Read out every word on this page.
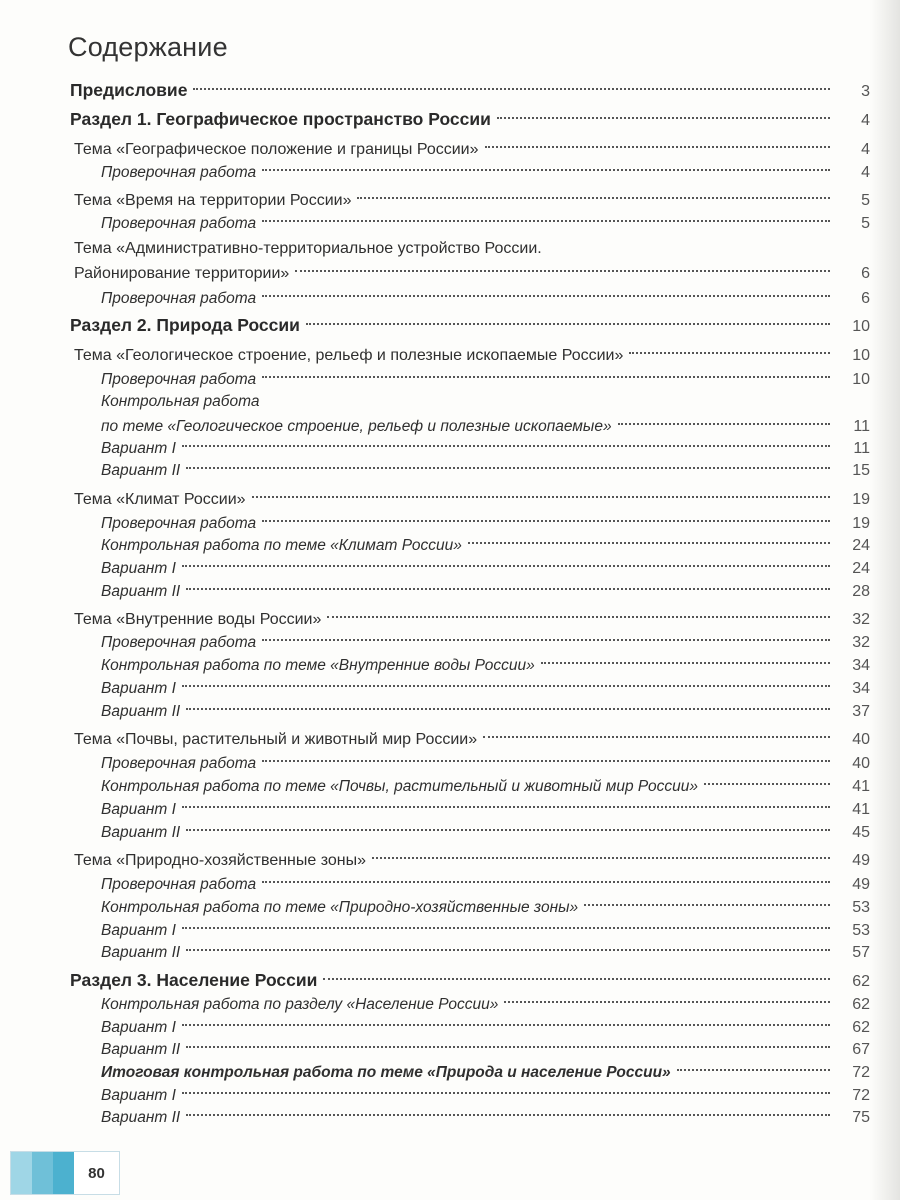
Содержание
Предисловие	3
Раздел 1. Географическое пространство России	4
Тема «Географическое положение и границы России»	4
Проверочная работа	4
Тема «Время на территории России»	5
Проверочная работа	5
Тема «Административно-территориальное устройство России.
Районирование территории»	6
Проверочная работа	6
Раздел 2. Природа России	10
Тема «Геологическое строение, рельеф и полезные ископаемые России»	10
Проверочная работа	10
Контрольная работа
по теме «Геологическое строение, рельеф и полезные ископаемые»	11
Вариант I	11
Вариант II	15
Тема «Климат России»	19
Проверочная работа	19
Контрольная работа по теме «Климат России»	24
Вариант I	24
Вариант II	28
Тема «Внутренние воды России»	32
Проверочная работа	32
Контрольная работа по теме «Внутренние воды России»	34
Вариант I	34
Вариант II	37
Тема «Почвы, растительный и животный мир России»	40
Проверочная работа	40
Контрольная работа по теме «Почвы, растительный и животный мир России»	41
Вариант I	41
Вариант II	45
Тема «Природно-хозяйственные зоны»	49
Проверочная работа	49
Контрольная работа по теме «Природно-хозяйственные зоны»	53
Вариант I	53
Вариант II	57
Раздел 3. Население России	62
Контрольная работа по разделу «Население России»	62
Вариант I	62
Вариант II	67
Итоговая контрольная работа по теме «Природа и население России»	72
Вариант I	72
Вариант II	75
80
